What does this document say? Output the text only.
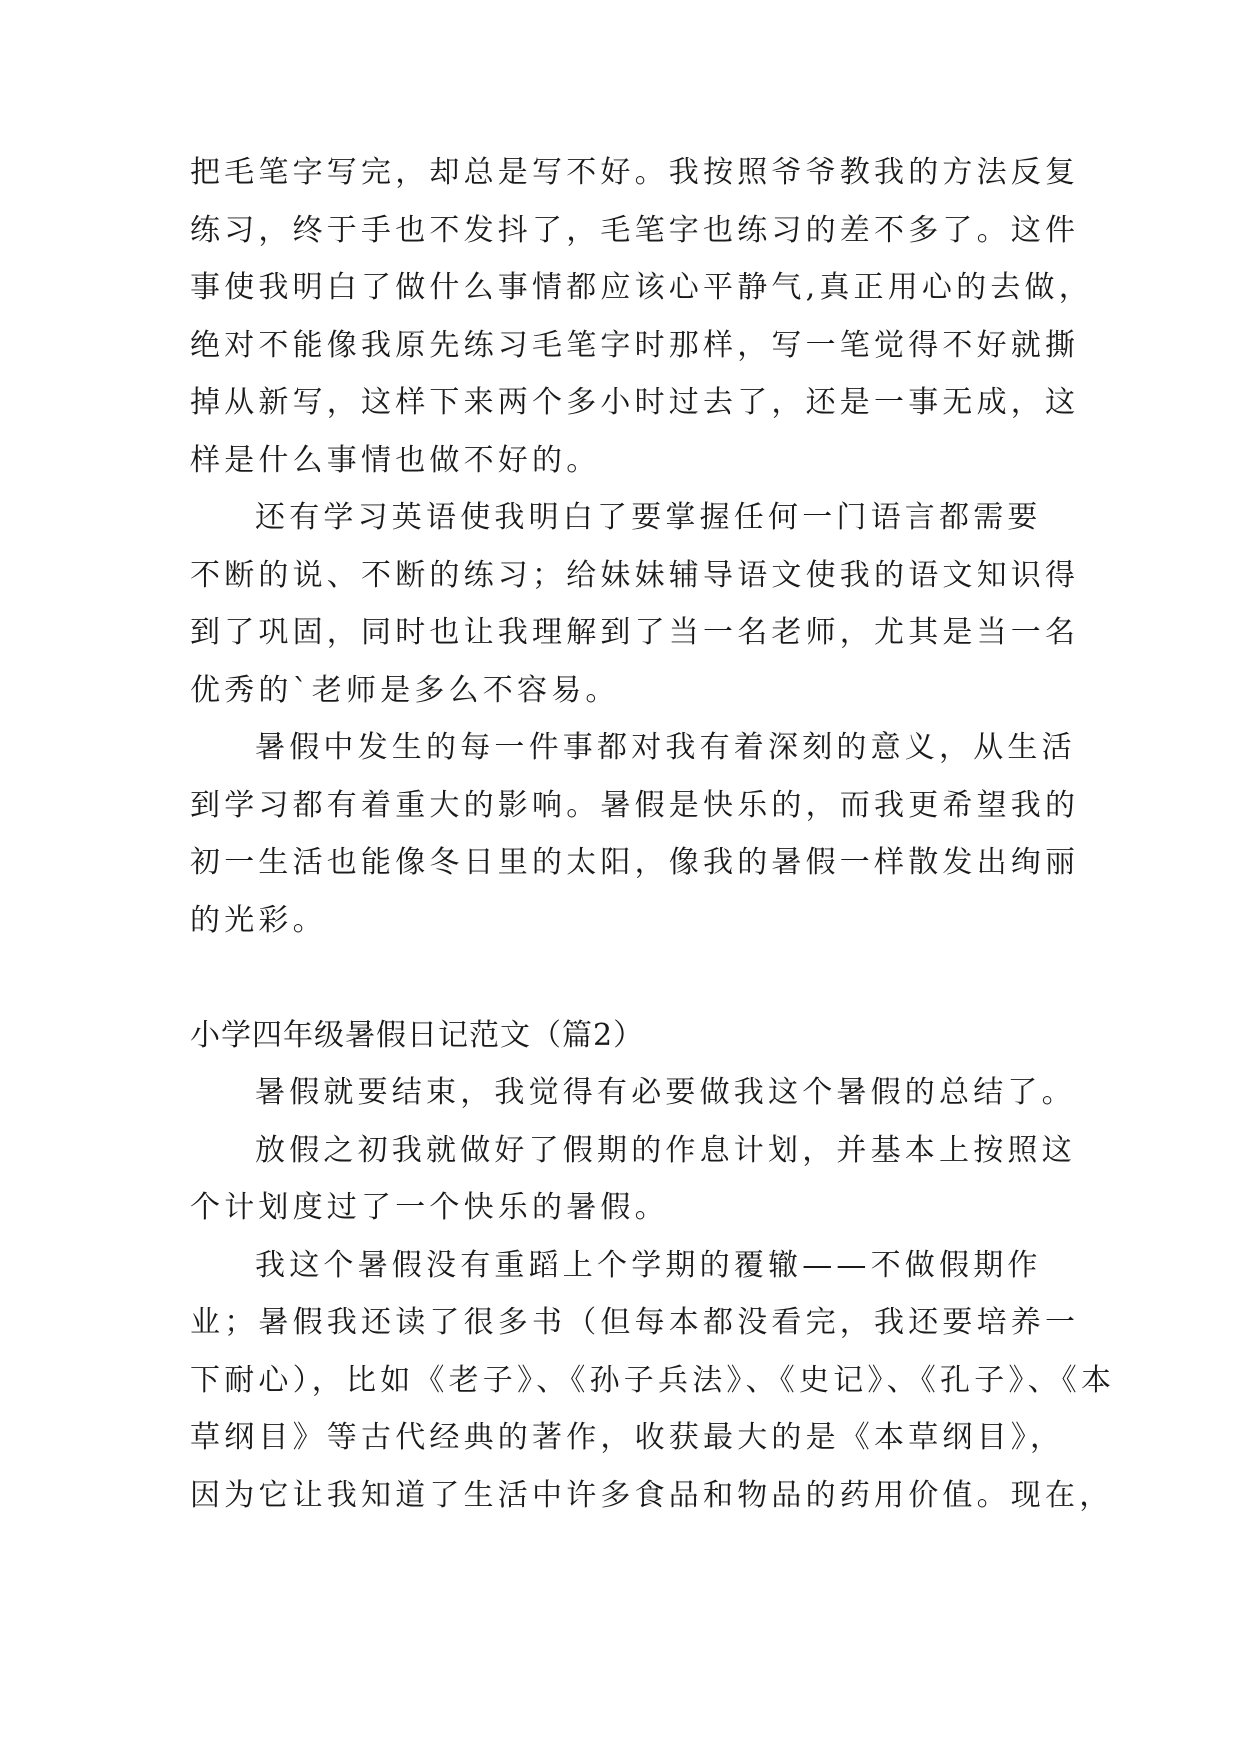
把毛笔字写完，却总是写不好。我按照爷爷教我的方法反复
练习，终于手也不发抖了，毛笔字也练习的差不多了。这件
事使我明白了做什么事情都应该心平静气,真正用心的去做，
绝对不能像我原先练习毛笔字时那样，写一笔觉得不好就撕
掉从新写，这样下来两个多小时过去了，还是一事无成，这
样是什么事情也做不好的。
还有学习英语使我明白了要掌握任何一门语言都需要
不断的说、不断的练习；给妹妹辅导语文使我的语文知识得
到了巩固，同时也让我理解到了当一名老师，尤其是当一名
优秀的`老师是多么不容易。
暑假中发生的每一件事都对我有着深刻的意义，从生活
到学习都有着重大的影响。暑假是快乐的，而我更希望我的
初一生活也能像冬日里的太阳，像我的暑假一样散发出绚丽
的光彩。
小学四年级暑假日记范文（篇2）
暑假就要结束，我觉得有必要做我这个暑假的总结了。
放假之初我就做好了假期的作息计划，并基本上按照这
个计划度过了一个快乐的暑假。
我这个暑假没有重蹈上个学期的覆辙——不做假期作
业；暑假我还读了很多书（但每本都没看完，我还要培养一
下耐心），比如《老子》、《孙子兵法》、《史记》、《孔子》、《本
草纲目》等古代经典的著作，收获最大的是《本草纲目》，
因为它让我知道了生活中许多食品和物品的药用价值。现在，
